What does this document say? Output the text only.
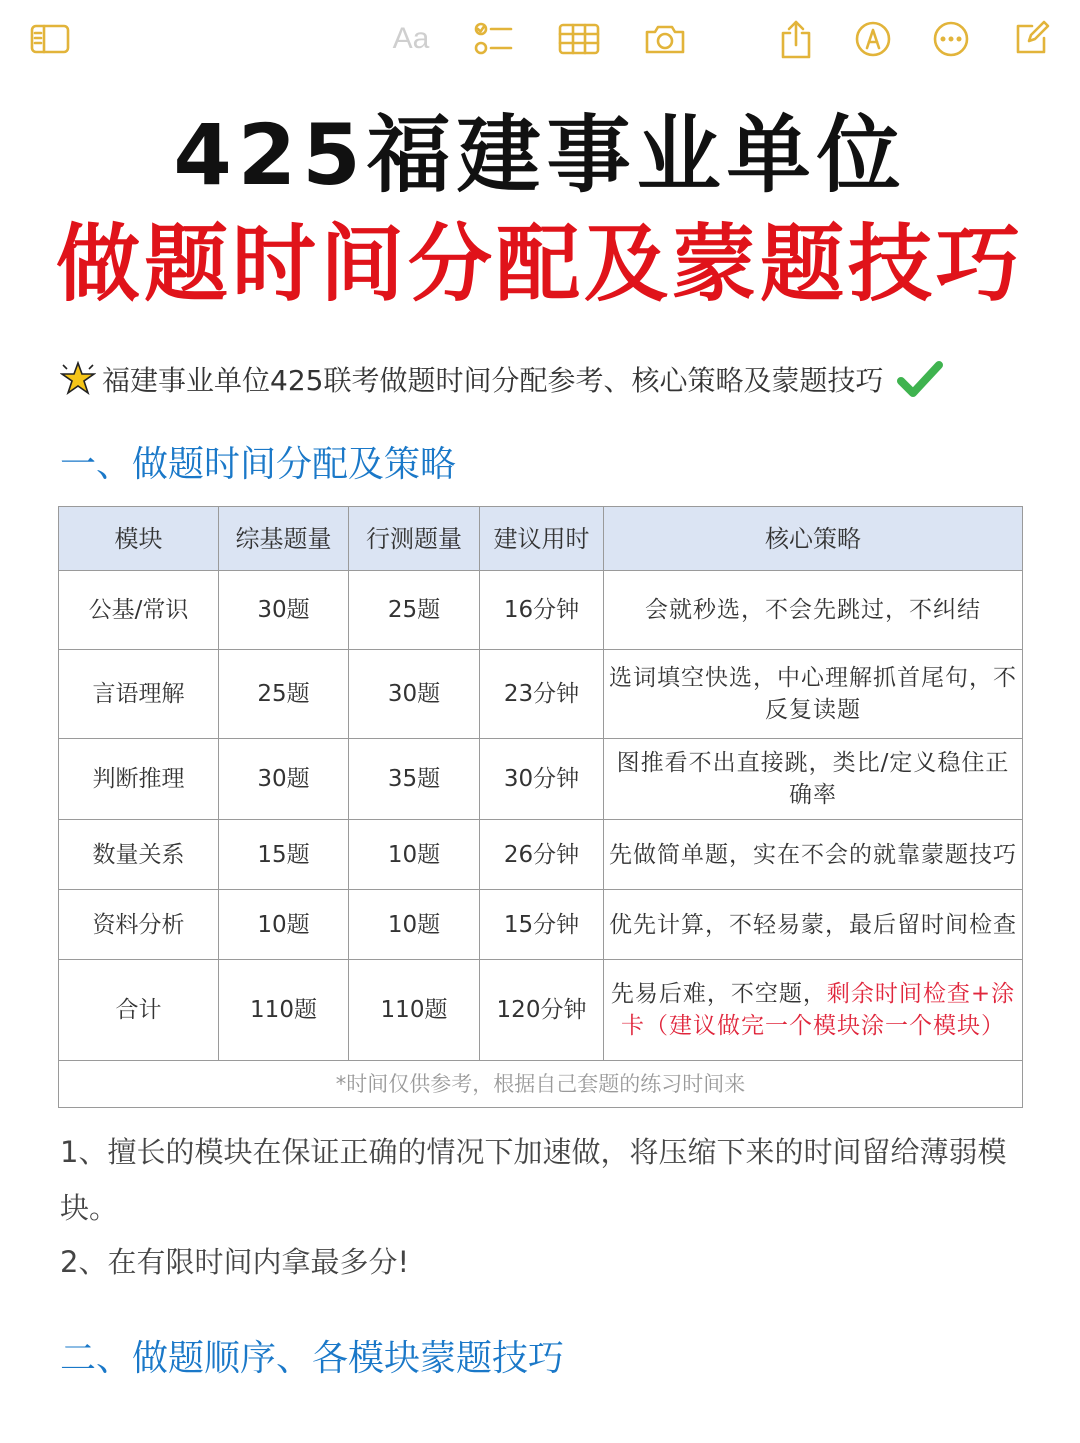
Aa
425福建事业单位
做题时间分配及蒙题技巧
福建事业单位425联考做题时间分配参考、核心策略及蒙题技巧
一、做题时间分配及策略
模块	综基题量	行测题量	建议用时	核心策略
公基/常识	30题	25题	16分钟	会就秒选，不会先跳过，不纠结
言语理解	25题	30题	23分钟	选词填空快选，中心理解抓首尾句，不反复读题
判断推理	30题	35题	30分钟	图推看不出直接跳，类比/定义稳住正确率
数量关系	15题	10题	26分钟	先做简单题，实在不会的就靠蒙题技巧
资料分析	10题	10题	15分钟	优先计算，不轻易蒙，最后留时间检查
合计	110题	110题	120分钟	先易后难，不空题，剩余时间检查+涂卡（建议做完一个模块涂一个模块）
*时间仅供参考，根据自己套题的练习时间来				
1、擅长的模块在保证正确的情况下加速做，将压缩下来的时间留给薄弱模块。
2、在有限时间内拿最多分!
二、做题顺序、各模块蒙题技巧
